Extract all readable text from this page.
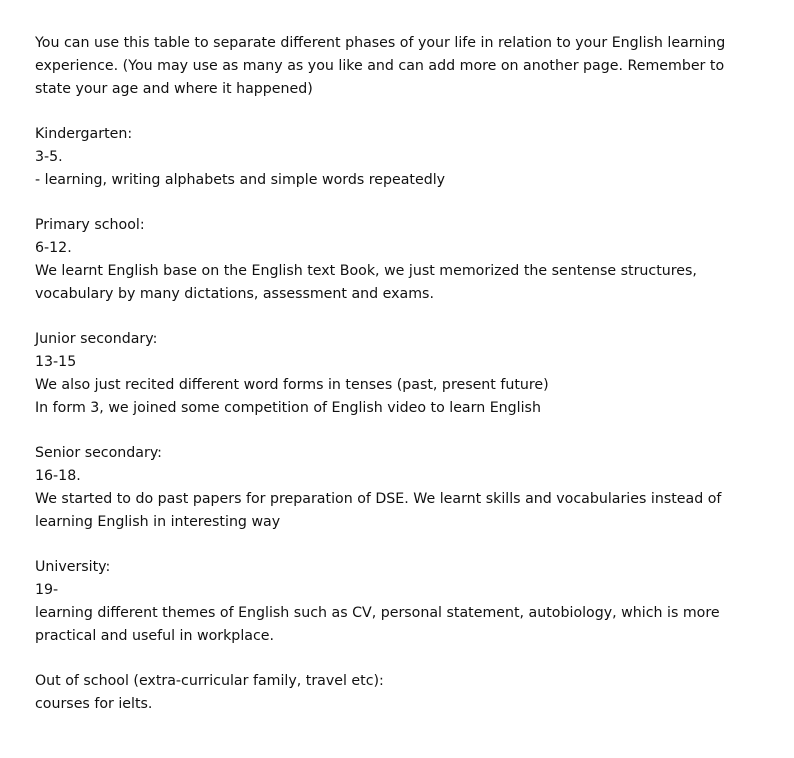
You can use this table to separate different phases of your life in relation to your English learning
experience. (You may use as many as you like and can add more on another page. Remember to
state your age and where it happened)
Kindergarten:
3-5.
- learning, writing alphabets and simple words repeatedly
Primary school:
6-12.
We learnt English base on the English text Book, we just memorized the sentense structures,
vocabulary by many dictations, assessment and exams.
Junior secondary:
13-15
We also just recited different word forms in tenses (past, present future)
In form 3, we joined some competition of English video to learn English
Senior secondary:
16-18.
We started to do past papers for preparation of DSE. We learnt skills and vocabularies instead of
learning English in interesting way
University:
19-
learning different themes of English such as CV, personal statement, autobiology, which is more
practical and useful in workplace.
Out of school (extra-curricular family, travel etc):
courses for ielts.
